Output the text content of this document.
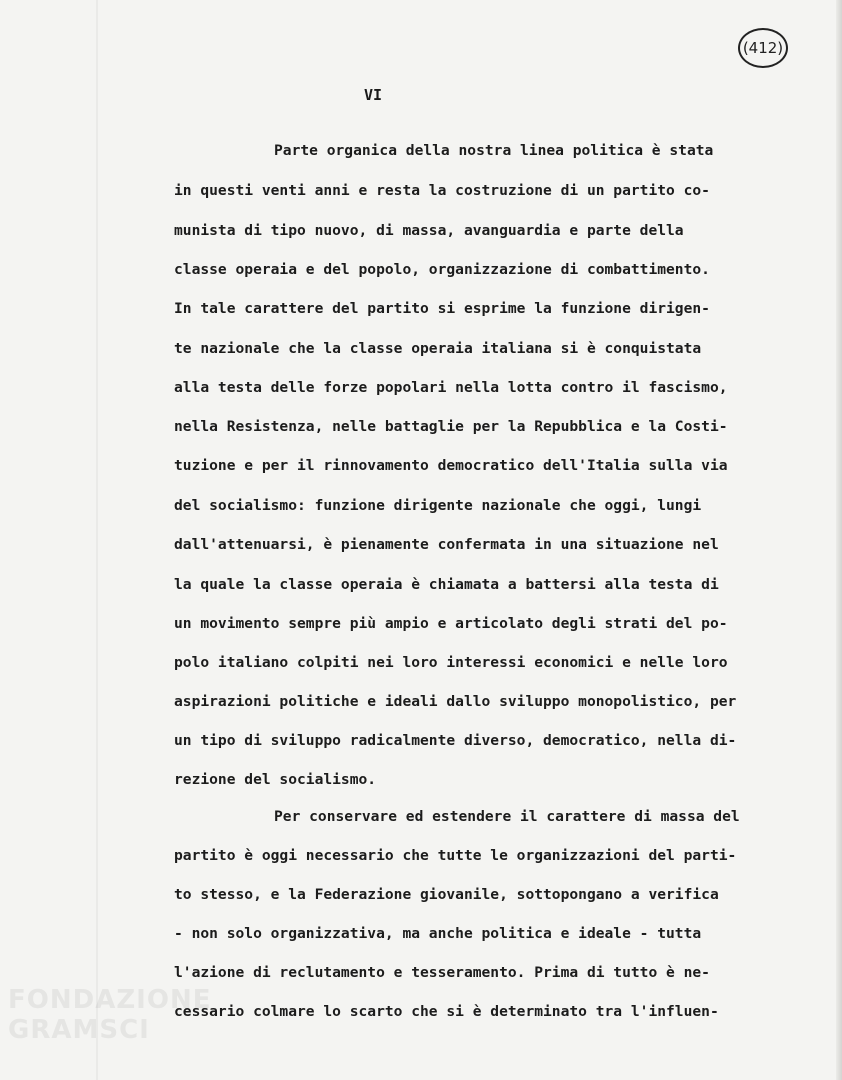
(412)
VI
Parte organica della nostra linea politica è stata
in questi venti anni e resta la costruzione di un partito co-
munista di tipo nuovo, di massa, avanguardia e parte della
classe operaia e del popolo, organizzazione di combattimento.
In tale carattere del partito si esprime la funzione dirigen-
te nazionale che la classe operaia italiana si è conquistata
alla testa delle forze popolari nella lotta contro il fascismo,
nella Resistenza, nelle battaglie per la Repubblica e la Costi-
tuzione e per il rinnovamento democratico dell'Italia sulla via
del socialismo: funzione dirigente nazionale che oggi, lungi
dall'attenuarsi, è pienamente confermata in una situazione nel
la quale la classe operaia è chiamata a battersi alla testa di
un movimento sempre più ampio e articolato degli strati del po-
polo italiano colpiti nei loro interessi economici e nelle loro
aspirazioni politiche e ideali dallo sviluppo monopolistico, per
un tipo di sviluppo radicalmente diverso, democratico, nella di-
rezione del socialismo.
Per conservare ed estendere il carattere di massa del
partito è oggi necessario che tutte le organizzazioni del parti-
to stesso, e la Federazione giovanile, sottopongano a verifica
- non solo organizzativa, ma anche politica e ideale - tutta
l'azione di reclutamento e tesseramento. Prima di tutto è ne-
cessario colmare lo scarto che si è determinato tra l'influen-
FONDAZIONE
GRAMSCI
